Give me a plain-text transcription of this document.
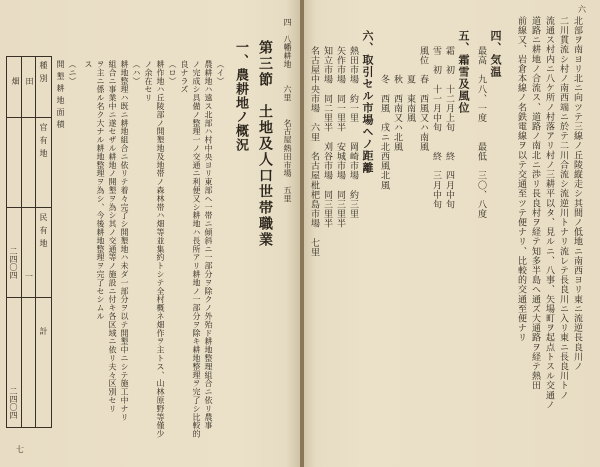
六
北部ヲ南ヨリ北ニ向ツテ三線ノ丘陵縦走シ其間ノ低地ニ南西ヨリ東ニ流逆長良川ノ
二川貫流シ村ノ南西端ニ於テ二川合流シ流逆川トナリ流レテ長良川ニ入リ東ニ長良川トノ
流通ス村内ニ八ケ所ノ村落アリ村ノ三耕平以タ、見ルニ、八事、矢場町ヲ起点トスル交通ノ
道路ニ耕地ノ合流ス、道路ノ南北ニ渉リ長良村ヲ経テ知多半島へ通ズ大通路ヲ経テ熱田
前線又、岩倉本線ノ名鉄電線ヲ以テ交通至ツテ便ナリ、比較的交通至便ナリ
四、気温
最高　九八、一度　　最低　三〇、八度
五、霜雪及風位
霜　初　十二月上旬　　終　四月中旬
雪　初　十一月中旬　　終　三月中旬
風位　春　西風又ハ南風
　　　夏　東南風
　　　秋　西南又ハ北風
　　　冬　西風　戌ニ北西風北風
六、取引セル市場ヘノ距離
熱田市場　約一里　　岡崎市場　約三里
矢作市場　同一里半　安城市場　同三里半
知立市場　同二里半　刈谷市場　同三里半
名古屋中央市場　六里　名古屋枇杷島市場　七里
四　八幡耕地　　六里　　名古屋熱田市場　五里
第三節　土地及人口世帯職業
一、農耕地ノ概況
（イ）
農耕地ハ遠ス北部ハ村中央ヨリ東部ヘ一帯ニ傾斜ニ一部分ヲ除クノ外殆ド耕地整理組合ニ依リ農事
ノ完成シ具備ノ整理一ノ交通ニ利便又シ耕地ハ長所アリ耕地ノ一部分ヲ除キ耕地整理ヲ完了シ比較的
良ナラズ
（ロ）
耕作地ハ丘陵部ノ開墾地及地帯ノ森林帯ハ畑等並集約トシテ全村概ネ畑作ヲ主トス、山林原野等僅少
ノ余在セリ
（ハ）
耕地整理ハ既ニ耕地組合ニ依リテ着々完了シ開墾地ハ未ダ一部分ヲ以テ開墾中ニシテ施工中ナリ
組合ニ事業中ニ遂セザル耕地ノ開墾ヲ為シ其ノ交通等ノ施設ニ付キ各区域ニ依リ夫々区別セリ
ヲ主ニ係ル名ク大ナル耕地整理ヲ為シ、今後耕地整理ヲ完了セシムル
ス
（ニ）
開墾耕地面積
種別
官有地
民有地
計
田
畑
一
二四〇四
二四〇四
七
